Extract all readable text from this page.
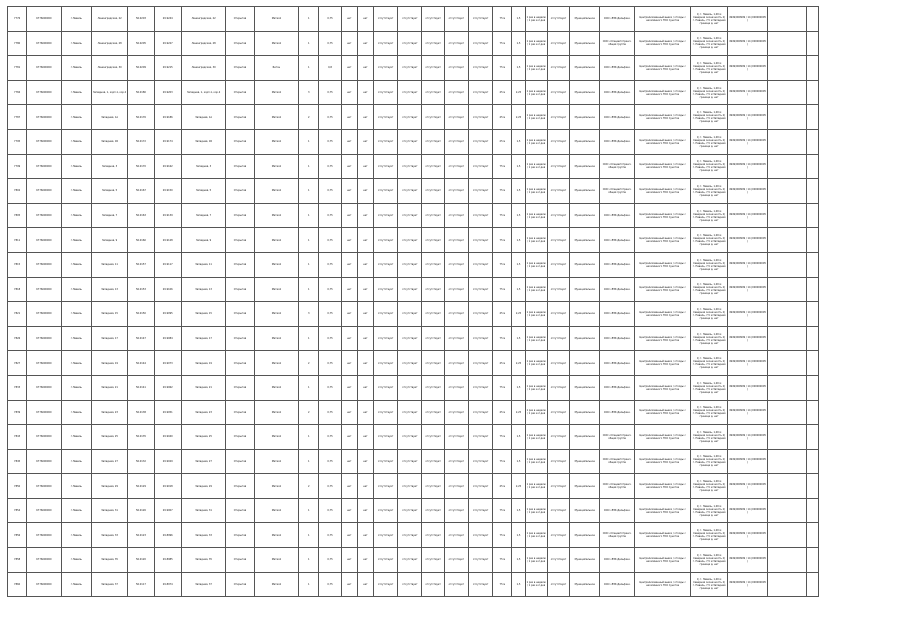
7776	6776000000	г.Невель	Ленинградская, 22	56.0203	29.9244	Ленинградская, 22	Открытая	Металл	1	0,75	нет	нет	отсутствует	отсутствует	отсутствует	отсутствует	отсутствует	75 м	1,5	1 раз в неделю / 1 раз в 2 дня	отсутствует	Муниципальное	ООО «ЕЭК Дельфин»	Централизованный вывоз / отходы с населённого ТКО пунктов	1) г. Невель, 1,00 м Северная оконечность 2) г. Невель, 7,5 м Западная граница д. нет	4949/009999 / 14 (000000005 )		
7780	6776000000	г.Невель	Ленинградская, 28	56.0205	29.9227	Ленинградская, 28	Открытая	Металл	1	0,75	нет	нет	отсутствует	отсутствует	отсутствует	отсутствует	отсутствует	75 м	1,5	1 раз в неделю / 1 раз в 2 дня	отсутствует	Муниципальное	ООО «Спецавтотранс» общая группа	Централизованный вывоз / отходы с населённого ТКО пунктов	1) г. Невель, 1,00 м Северная оконечность 2) г. Невель, 7,5 м Западная граница д. нет	4949/009999 / 14 (000000005 )		
7781	6776000000	г.Невель	Ленинградская, 30	56.0209	29.9215	Ленинградская, 30	Открытая	Бетон	1	0,8	нет	нет	отсутствует	отсутствует	отсутствует	отсутствует	отсутствует	75 м	1,5	1 раз в неделю / 1 раз в 2 дня	отсутствует	Муниципальное	ООО «ЕЭК Дельфин»	Централизованный вывоз / отходы с населённого ТКО пунктов	1) г. Невель, 1,00 м Северная оконечность 2) г. Невель, 7,5 м Западная граница д. нет	4949/009999 / 14 (000000005 )		
7784	6776000000	г.Невель	Западная, 1, корп.1, кор.2	56.0180	29.9203	Западная, 1, корп.1, кор.2	Открытая	Металл	3	0,75	нет	нет	отсутствует	отсутствует	отсутствует	отсутствует	отсутствует	45 м	2,25	1 раз в неделю / 1 раз в 2 дня	отсутствует	Муниципальное	ООО «ЕЭК Дельфин»	Централизованный вывоз / отходы с населённого ТКО пунктов	1) г. Невель, 1,00 м Северная оконечность 2) г. Невель, 7,5 м Западная граница д. нет	4949/009999 / 14 (000000005 )		
7787	6776000000	г.Невель	Западная, 1А	56.0176	29.9186	Западная, 1А	Открытая	Металл	2	0,75	нет	нет	отсутствует	отсутствует	отсутствует	отсутствует	отсутствует	45 м	2,25	1 раз в неделю / 1 раз в 2 дня	отсутствует	Муниципальное	ООО «ЕЭК Дельфин»	Централизованный вывоз / отходы с населённого ТКО пунктов	1) г. Невель, 1,00 м Северная оконечность 2) г. Невель, 7,5 м Западная граница д. нет	4949/009999 / 14 (000000005 )		
7795	6776000000	г.Невель	Западная, 1Б	56.0172	29.9174	Западная, 1Б	Открытая	Металл	1	0,75	нет	нет	отсутствует	отсутствует	отсутствует	отсутствует	отсутствует	25 м	1,5	1 раз в неделю / 1 раз в 2 дня	отсутствует	Муниципальное	ООО «ЕЭК Дельфин»	Централизованный вывоз / отходы с населённого ТКО пунктов	1) г. Невель, 1,00 м Северная оконечность 2) г. Невель, 7,5 м Западная граница д. нет	4949/009999 / 14 (000000005 )		
7799	6776000000	г.Невель	Западная, 3	56.0170	29.9162	Западная, 3	Открытая	Металл	1	0,75	нет	нет	отсутствует	отсутствует	отсутствует	отсутствует	отсутствует	75 м	1,5	1 раз в неделю / 1 раз в 2 дня	отсутствует	Муниципальное	ООО «Спецавтотранс» общая группа	Централизованный вывоз / отходы с населённого ТКО пунктов	1) г. Невель, 1,00 м Северная оконечность 2) г. Невель, 7,5 м Западная граница д. нет	4949/009999 / 14 (000000005 )		
7802	6776000000	г.Невель	Западная, 5	56.0167	29.9150	Западная, 5	Открытая	Металл	1	0,75	нет	нет	отсутствует	отсутствует	отсутствует	отсутствует	отсутствует	75 м	1,5	1 раз в неделю / 1 раз в 2 дня	отсутствует	Муниципальное	ООО «Спецавтотранс» общая группа	Централизованный вывоз / отходы с населённого ТКО пунктов	1) г. Невель, 1,00 м Северная оконечность 2) г. Невель, 7,5 м Западная граница д. нет	4949/009999 / 14 (000000005 )		
7805	6776000000	г.Невель	Западная, 7	56.0163	29.9139	Западная, 7	Открытая	Металл	1	0,75	нет	нет	отсутствует	отсутствует	отсутствует	отсутствует	отсутствует	75 м	1,5	1 раз в неделю / 1 раз в 2 дня	отсутствует	Муниципальное	ООО «ЕЭК Дельфин»	Централизованный вывоз / отходы с населённого ТКО пунктов	1) г. Невель, 1,00 м Северная оконечность 2) г. Невель, 7,5 м Западная граница д. нет	4949/009999 / 14 (000000005 )		
7811	6776000000	г.Невель	Западная, 9	56.0160	29.9128	Западная, 9	Открытая	Металл	1	0,75	нет	нет	отсутствует	отсутствует	отсутствует	отсутствует	отсутствует	75 м	1,5	1 раз в неделю / 1 раз в 2 дня	отсутствует	Муниципальное	ООО «ЕЭК Дельфин»	Централизованный вывоз / отходы с населённого ТКО пунктов	1) г. Невель, 1,00 м Северная оконечность 2) г. Невель, 7,5 м Западная граница д. нет	4949/009999 / 14 (000000005 )		
7815	6776000000	г.Невель	Западная, 11	56.0157	29.9117	Западная, 11	Открытая	Металл	1	0,75	нет	нет	отсутствует	отсутствует	отсутствует	отсутствует	отсутствует	75 м	1,5	1 раз в неделю / 1 раз в 2 дня	отсутствует	Муниципальное	ООО «ЕЭК Дельфин»	Централизованный вывоз / отходы с населённого ТКО пунктов	1) г. Невель, 1,00 м Северная оконечность 2) г. Невель, 7,5 м Западная граница д. нет	4949/009999 / 14 (000000005 )		
7818	6776000000	г.Невель	Западная, 13	56.0153	29.9106	Западная, 13	Открытая	Металл	1	0,75	нет	нет	отсутствует	отсутствует	отсутствует	отсутствует	отсутствует	75 м	1,5	1 раз в неделю / 1 раз в 2 дня	отсутствует	Муниципальное	ООО «ЕЭК Дельфин»	Централизованный вывоз / отходы с населённого ТКО пунктов	1) г. Невель, 1,00 м Северная оконечность 2) г. Невель, 7,5 м Западная граница д. нет	4949/009999 / 14 (000000005 )		
7821	6776000000	г.Невель	Западная, 15	56.0150	29.9095	Западная, 15	Открытая	Металл	3	0,75	нет	нет	отсутствует	отсутствует	отсутствует	отсутствует	отсутствует	45 м	2,25	1 раз в неделю / 1 раз в 2 дня	отсутствует	Муниципальное	ООО «ЕЭК Дельфин»	Централизованный вывоз / отходы с населённого ТКО пунктов	1) г. Невель, 1,00 м Северная оконечность 2) г. Невель, 7,5 м Западная граница д. нет	4949/009999 / 14 (000000005 )		
7826	6776000000	г.Невель	Западная, 17	56.0147	29.9084	Западная, 17	Открытая	Металл	1	0,75	нет	нет	отсутствует	отсутствует	отсутствует	отсутствует	отсутствует	75 м	1,5	1 раз в неделю / 1 раз в 2 дня	отсутствует	Муниципальное	ООО «ЕЭК Дельфин»	Централизованный вывоз / отходы с населённого ТКО пунктов	1) г. Невель, 1,00 м Северная оконечность 2) г. Невель, 7,5 м Западная граница д. нет	4949/009999 / 14 (000000005 )		
7827	6776000000	г.Невель	Западная, 19	56.0144	29.9073	Западная, 19	Открытая	Металл	2	0,75	нет	нет	отсутствует	отсутствует	отсутствует	отсутствует	отсутствует	45 м	2,25	1 раз в неделю / 1 раз в 2 дня	отсутствует	Муниципальное	ООО «ЕЭК Дельфин»	Централизованный вывоз / отходы с населённого ТКО пунктов	1) г. Невель, 1,00 м Северная оконечность 2) г. Невель, 7,5 м Западная граница д. нет	4949/009999 / 14 (000000005 )		
7833	6776000000	г.Невель	Западная, 21	56.0141	29.9062	Западная, 21	Открытая	Металл	1	0,75	нет	нет	отсутствует	отсутствует	отсутствует	отсутствует	отсутствует	75 м	1,5	1 раз в неделю / 1 раз в 2 дня	отсутствует	Муниципальное	ООО «ЕЭК Дельфин»	Централизованный вывоз / отходы с населённого ТКО пунктов	1) г. Невель, 1,00 м Северная оконечность 2) г. Невель, 7,5 м Западная граница д. нет	4949/009999 / 14 (000000005 )		
7839	6776000000	г.Невель	Западная, 23	56.0138	29.9051	Западная, 23	Открытая	Металл	2	0,75	нет	нет	отсутствует	отсутствует	отсутствует	отсутствует	отсутствует	45 м	2,25	1 раз в неделю / 1 раз в 2 дня	отсутствует	Муниципальное	ООО «ЕЭК Дельфин»	Централизованный вывоз / отходы с населённого ТКО пунктов	1) г. Невель, 1,00 м Северная оконечность 2) г. Невель, 7,5 м Западная граница д. нет	4949/009999 / 14 (000000005 )		
7843	6776000000	г.Невель	Западная, 25	56.0135	29.9040	Западная, 25	Открытая	Металл	1	0,75	нет	нет	отсутствует	отсутствует	отсутствует	отсутствует	отсутствует	75 м	1,5	1 раз в неделю / 1 раз в 2 дня	отсутствует	Муниципальное	ООО «Спецавтотранс» общая группа	Централизованный вывоз / отходы с населённого ТКО пунктов	1) г. Невель, 1,00 м Северная оконечность 2) г. Невель, 7,5 м Западная граница д. нет	4949/009999 / 14 (000000005 )		
7845	6776000000	г.Невель	Западная, 27	56.0132	29.9029	Западная, 27	Открытая	Металл	1	0,75	нет	нет	отсутствует	отсутствует	отсутствует	отсутствует	отсутствует	75 м	1,5	1 раз в неделю / 1 раз в 2 дня	отсутствует	Муниципальное	ООО «Спецавтотранс» общая группа	Централизованный вывоз / отходы с населённого ТКО пунктов	1) г. Невель, 1,00 м Северная оконечность 2) г. Невель, 7,5 м Западная граница д. нет	4949/009999 / 14 (000000005 )		
7850	6776000000	г.Невель	Западная, 29	56.0129	29.9018	Западная, 29	Открытая	Металл	2	0,75	нет	нет	отсутствует	отсутствует	отсутствует	отсутствует	отсутствует	45 м	2,25	1 раз в неделю / 1 раз в 2 дня	отсутствует	Муниципальное	ООО «Спецавтотранс» общая группа	Централизованный вывоз / отходы с населённого ТКО пунктов	1) г. Невель, 1,00 м Северная оконечность 2) г. Невель, 7,5 м Западная граница д. нет	4949/009999 / 14 (000000005 )		
7854	6776000000	г.Невель	Западная, 31	56.0126	29.9007	Западная, 31	Открытая	Металл	1	0,75	нет	нет	отсутствует	отсутствует	отсутствует	отсутствует	отсутствует	75 м	1,5	1 раз в неделю / 1 раз в 2 дня	отсутствует	Муниципальное	ООО «ЕЭК Дельфин»	Централизованный вывоз / отходы с населённого ТКО пунктов	1) г. Невель, 1,00 м Северная оконечность 2) г. Невель, 7,5 м Западная граница д. нет	4949/009999 / 14 (000000005 )		
7856	6776000000	г.Невель	Западная, 33	56.0123	29.8996	Западная, 33	Открытая	Металл	1	0,75	нет	нет	отсутствует	отсутствует	отсутствует	отсутствует	отсутствует	75 м	1,5	1 раз в неделю / 1 раз в 2 дня	отсутствует	Муниципальное	ООО «Спецавтотранс» общая группа	Централизованный вывоз / отходы с населённого ТКО пунктов	1) г. Невель, 1,00 м Северная оконечность 2) г. Невель, 7,5 м Западная граница д. нет	4949/009999 / 14 (000000005 )		
7858	6776000000	г.Невель	Западная, 35	56.0120	29.8985	Западная, 35	Открытая	Металл	1	0,75	нет	нет	отсутствует	отсутствует	отсутствует	отсутствует	отсутствует	75 м	1,5	1 раз в неделю / 1 раз в 2 дня	отсутствует	Муниципальное	ООО «ЕЭК Дельфин»	Централизованный вывоз / отходы с населённого ТКО пунктов	1) г. Невель, 1,00 м Северная оконечность 2) г. Невель, 7,5 м Западная граница д. нет	4949/009999 / 14 (000000005 )		
7860	6776000000	г.Невель	Западная, 37	56.0117	29.8974	Западная, 37	Открытая	Металл	1	0,75	нет	нет	отсутствует	отсутствует	отсутствует	отсутствует	отсутствует	75 м	1,5	1 раз в неделю / 1 раз в 2 дня	отсутствует	Муниципальное	ООО «ЕЭК Дельфин»	Централизованный вывоз / отходы с населённого ТКО пунктов	1) г. Невель, 1,00 м Северная оконечность 2) г. Невель, 7,5 м Западная граница д. нет	4949/009999 / 14 (000000005 )		
